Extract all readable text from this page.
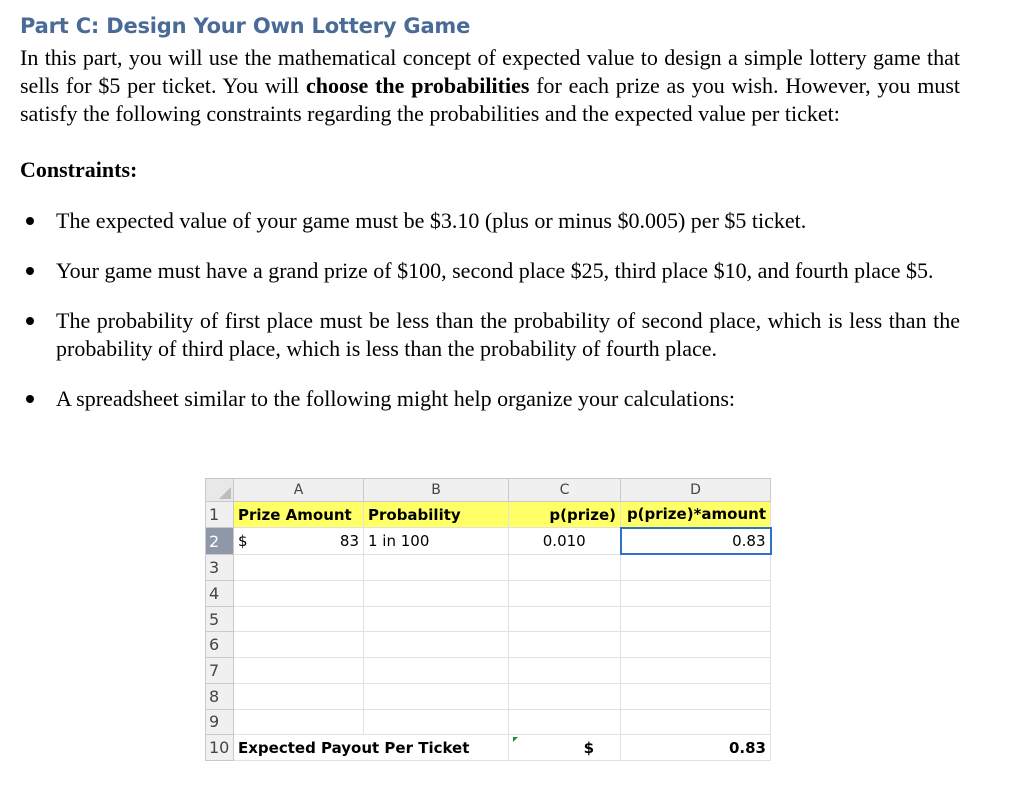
Part C: Design Your Own Lottery Game

In this part, you will use the mathematical concept of expected value to design a simple lottery game that sells for $5 per ticket. You will choose the probabilities for each prize as you wish. However, you must satisfy the following constraints regarding the probabilities and the expected value per ticket:

Constraints:
The expected value of your game must be $3.10 (plus or minus $0.005) per $5 ticket.
Your game must have a grand prize of $100, second place $25, third place $10, and fourth place $5.
The probability of first place must be less than the probability of second place, which is less than the probability of third place, which is less than the probability of fourth place.
A spreadsheet similar to the following might help organize your calculations:
	A	B	C	D
1	Prize Amount	Probability	p(prize)	p(prize)*amount
2	$ 83	1 in 100	0.010	0.83
3				
4				
5				
6				
7				
8				
9				
10	Expected Payout Per Ticket		$	0.83
